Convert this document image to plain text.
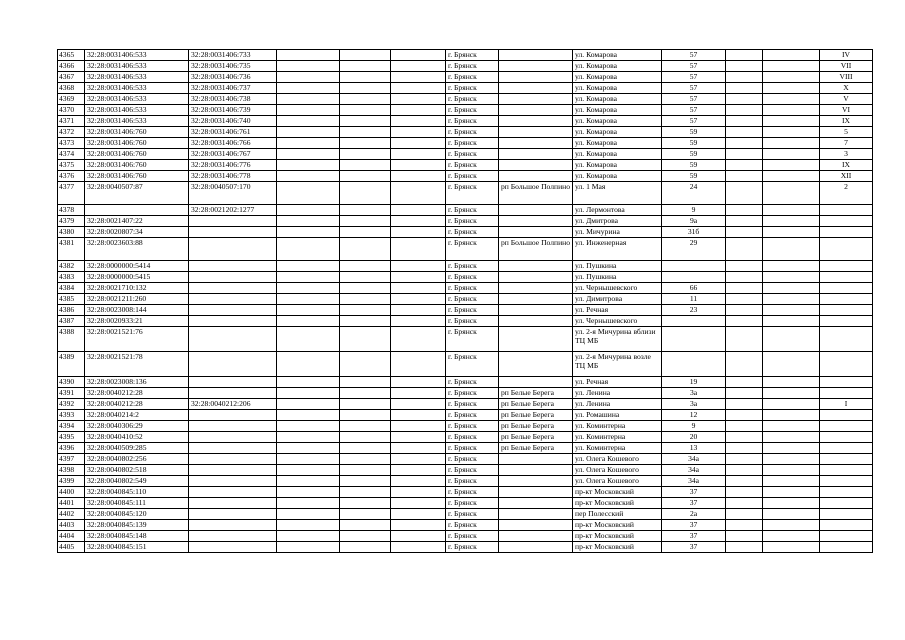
4365	32:28:0031406:533	32:28:0031406:733				г. Брянск		ул. Комарова	57			IV
4366	32:28:0031406:533	32:28:0031406:735				г. Брянск		ул. Комарова	57			VII
4367	32:28:0031406:533	32:28:0031406:736				г. Брянск		ул. Комарова	57			VIII
4368	32:28:0031406:533	32:28:0031406:737				г. Брянск		ул. Комарова	57			X
4369	32:28:0031406:533	32:28:0031406:738				г. Брянск		ул. Комарова	57			V
4370	32:28:0031406:533	32:28:0031406:739				г. Брянск		ул. Комарова	57			VI
4371	32:28:0031406:533	32:28:0031406:740				г. Брянск		ул. Комарова	57			IX
4372	32:28:0031406:760	32:28:0031406:761				г. Брянск		ул. Комарова	59			5
4373	32:28:0031406:760	32:28:0031406:766				г. Брянск		ул. Комарова	59			7
4374	32:28:0031406:760	32:28:0031406:767				г. Брянск		ул. Комарова	59			3
4375	32:28:0031406:760	32:28:0031406:776				г. Брянск		ул. Комарова	59			IX
4376	32:28:0031406:760	32:28:0031406:778				г. Брянск		ул. Комарова	59			XII
4377	32:28:0040507:87	32:28:0040507:170				г. Брянск	рп Большое Полпино	ул. 1 Мая	24			2
4378		32:28:0021202:1277				г. Брянск		ул. Лермонтова	9			
4379	32:28:0021407:22					г. Брянск		ул. Дмитрова	9а			
4380	32:28:0020807:34					г. Брянск		ул. Мичурина	31б			
4381	32:28:0023603:88					г. Брянск	рп Большое Полпино	ул. Инженерная	29			
4382	32:28:0000000:5414					г. Брянск		ул. Пушкина				
4383	32:28:0000000:5415					г. Брянск		ул. Пушкина				
4384	32:28:0021710:132					г. Брянск		ул. Чернышевского	66			
4385	32:28:0021211:260					г. Брянск		ул. Димитрова	11			
4386	32:28:0023008:144					г. Брянск		ул. Речная	23			
4387	32:28:0020933:21					г. Брянск		ул. Чернышевского				
4388	32:28:0021521:76					г. Брянск		ул. 2-я Мичурина вблизи ТЦ МБ				
4389	32:28:0021521:78					г. Брянск		ул. 2-я Мичурина возле ТЦ МБ				
4390	32:28:0023008:136					г. Брянск		ул. Речная	19			
4391	32:28:0040212:28					г. Брянск	рп Белые Берега	ул. Ленина	3а			
4392	32:28:0040212:28	32:28:0040212:206				г. Брянск	рп Белые Берега	ул. Ленина	3а			I
4393	32:28:0040214:2					г. Брянск	рп Белые Берега	ул. Ромашина	12			
4394	32:28:0040306:29					г. Брянск	рп Белые Берега	ул. Коминтерна	9			
4395	32:28:0040410:52					г. Брянск	рп Белые Берега	ул. Коминтерна	20			
4396	32:28:0040509:285					г. Брянск	рп Белые Берега	ул. Коминтерна	13			
4397	32:28:0040802:256					г. Брянск		ул. Олега Кошевого	34а			
4398	32:28:0040802:518					г. Брянск		ул. Олега Кошевого	34а			
4399	32:28:0040802:549					г. Брянск		ул. Олега Кошевого	34а			
4400	32:28:0040845:110					г. Брянск		пр-кт Московский	37			
4401	32:28:0040845:111					г. Брянск		пр-кт Московский	37			
4402	32:28:0040845:120					г. Брянск		пер Полесский	2а			
4403	32:28:0040845:139					г. Брянск		пр-кт Московский	37			
4404	32:28:0040845:148					г. Брянск		пр-кт Московский	37			
4405	32:28:0040845:151					г. Брянск		пр-кт Московский	37			
